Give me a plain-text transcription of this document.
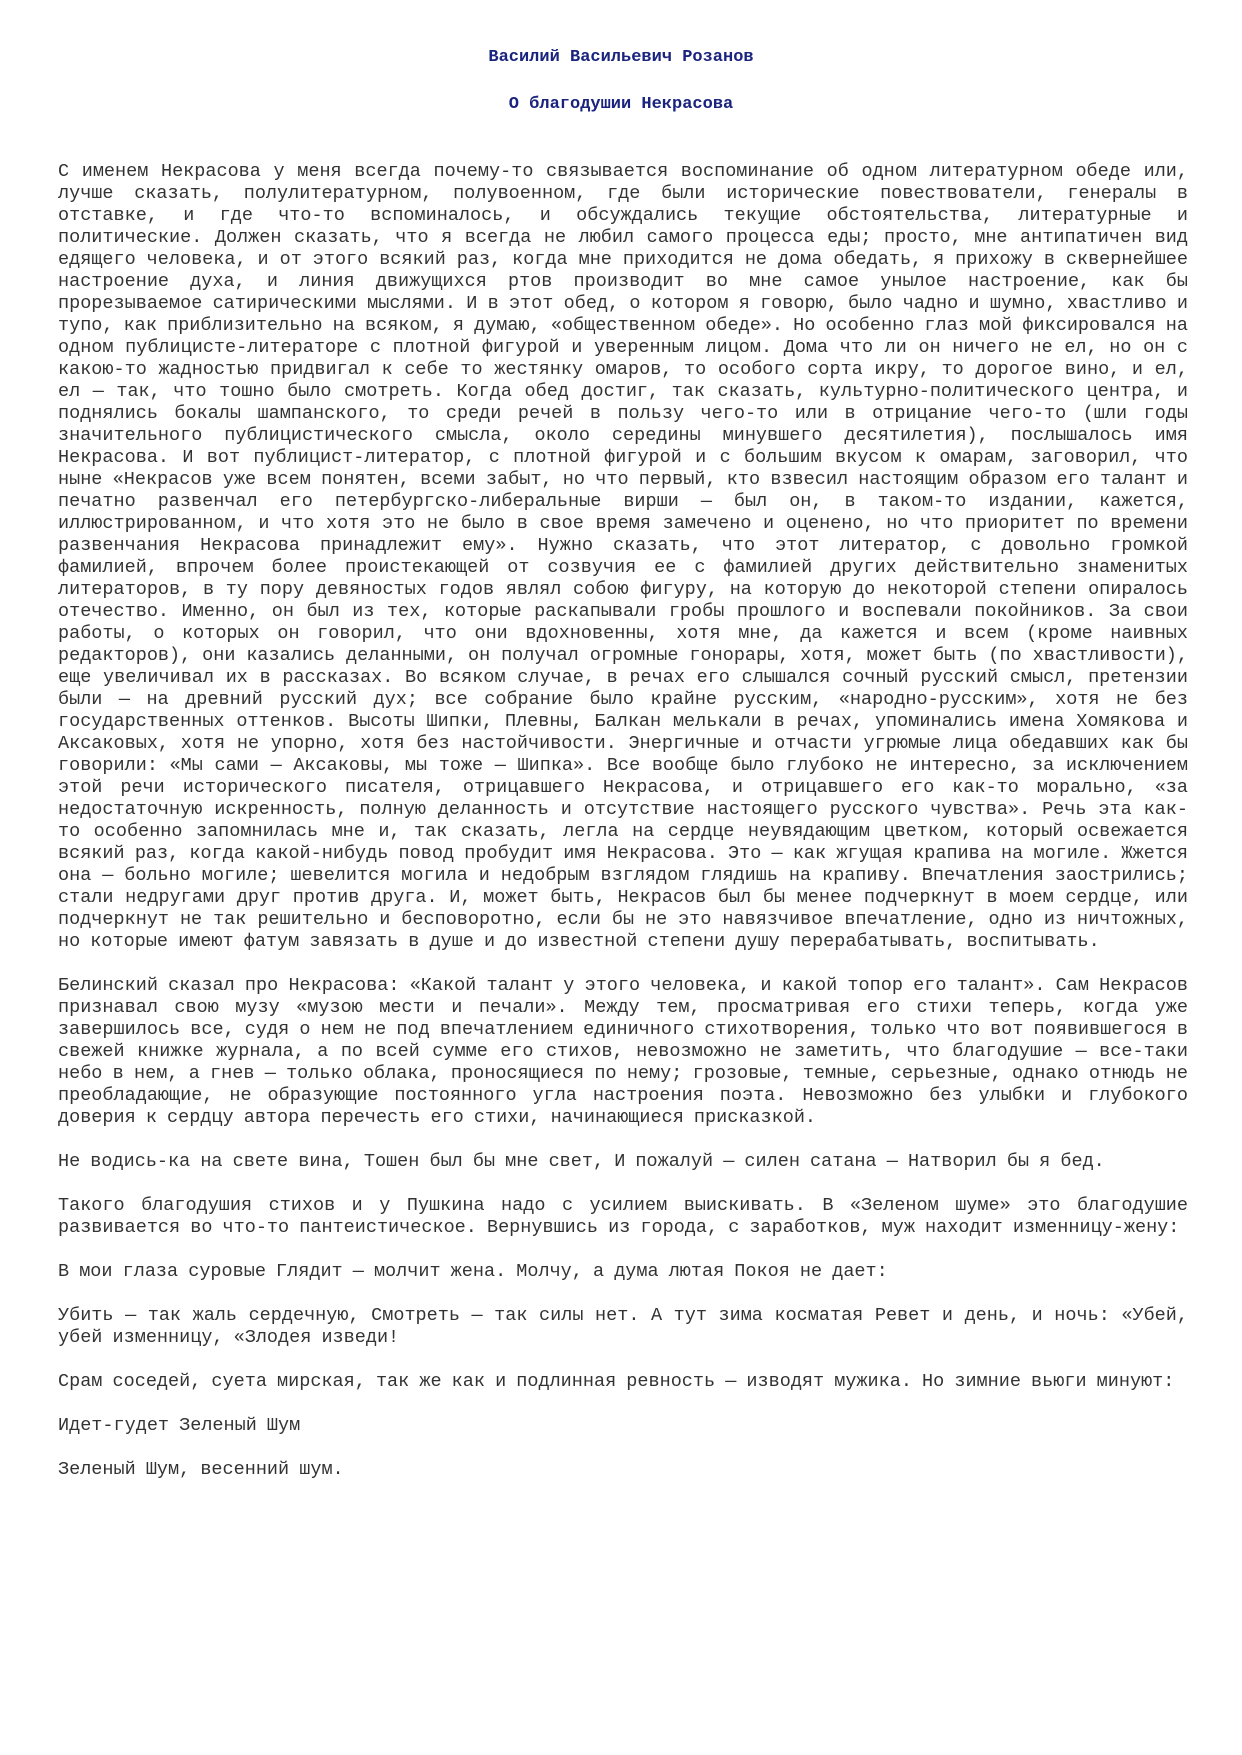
Василий Васильевич Розанов
О благодушии Некрасова

С именем Некрасова у меня всегда почему-то связывается воспоминание об одном литературном обеде или, лучше сказать, полулитературном, полувоенном, где были исторические повествователи, генералы в отставке, и где что-то вспоминалось, и обсуждались текущие обстоятельства, литературные и политические. Должен сказать, что я всегда не любил самого процесса еды; просто, мне антипатичен вид едящего человека, и от этого всякий раз, когда мне приходится не дома обедать, я прихожу в сквернейшее настроение духа, и линия движущихся ртов производит во мне самое унылое настроение, как бы прорезываемое сатирическими мыслями. И в этот обед, о котором я говорю, было чадно и шумно, хвастливо и тупо, как приблизительно на всяком, я думаю, «общественном обеде». Но особенно глаз мой фиксировался на одном публицисте-литераторе с плотной фигурой и уверенным лицом. Дома что ли он ничего не ел, но он с какою-то жадностью придвигал к себе то жестянку омаров, то особого сорта икру, то дорогое вино, и ел, ел — так, что тошно было смотреть. Когда обед достиг, так сказать, культурно-политического центра, и поднялись бокалы шампанского, то среди речей в пользу чего-то или в отрицание чего-то (шли годы значительного публицистического смысла, около середины минувшего десятилетия), послышалось имя Некрасова. И вот публицист-литератор, с плотной фигурой и с большим вкусом к омарам, заговорил, что ныне «Некрасов уже всем понятен, всеми забыт, но что первый, кто взвесил настоящим образом его талант и печатно развенчал его петербургско-либеральные вирши — был он, в таком-то издании, кажется, иллюстрированном, и что хотя это не было в свое время замечено и оценено, но что приоритет по времени развенчания Некрасова принадлежит ему». Нужно сказать, что этот литератор, с довольно громкой фамилией, впрочем более проистекающей от созвучия ее с фамилией других действительно знаменитых литераторов, в ту пору девяностых годов являл собою фигуру, на которую до некоторой степени опиралось отечество. Именно, он был из тех, которые раскапывали гробы прошлого и воспевали покойников. За свои работы, о которых он говорил, что они вдохновенны, хотя мне, да кажется и всем (кроме наивных редакторов), они казались деланными, он получал огромные гонорары, хотя, может быть (по хвастливости), еще увеличивал их в рассказах. Во всяком случае, в речах его слышался сочный русский смысл, претензии были — на древний русский дух; все собрание было крайне русским, «народно-русским», хотя не без государственных оттенков. Высоты Шипки, Плевны, Балкан мелькали в речах, упоминались имена Хомякова и Аксаковых, хотя не упорно, хотя без настойчивости. Энергичные и отчасти угрюмые лица обедавших как бы говорили: «Мы сами — Аксаковы, мы тоже — Шипка». Все вообще было глубоко не интересно, за исключением этой речи исторического писателя, отрицавшего Некрасова, и отрицавшего его как-то морально, «за недостаточную искренность, полную деланность и отсутствие настоящего русского чувства». Речь эта как-то особенно запомнилась мне и, так сказать, легла на сердце неувядающим цветком, который освежается всякий раз, когда какой-нибудь повод пробудит имя Некрасова. Это — как жгущая крапива на могиле. Жжется она — больно могиле; шевелится могила и недобрым взглядом глядишь на крапиву. Впечатления заострились; стали недругами друг против друга. И, может быть, Некрасов был бы менее подчеркнут в моем сердце, или подчеркнут не так решительно и бесповоротно, если бы не это навязчивое впечатление, одно из ничтожных, но которые имеют фатум завязать в душе и до известной степени душу перерабатывать, воспитывать.

Белинский сказал про Некрасова: «Какой талант у этого человека, и какой топор его талант». Сам Некрасов признавал свою музу «музою мести и печали». Между тем, просматривая его стихи теперь, когда уже завершилось все, судя о нем не под впечатлением единичного стихотворения, только что вот появившегося в свежей книжке журнала, а по всей сумме его стихов, невозможно не заметить, что благодушие — все-таки небо в нем, а гнев — только облака, проносящиеся по нему; грозовые, темные, серьезные, однако отнюдь не преобладающие, не образующие постоянного угла настроения поэта. Невозможно без улыбки и глубокого доверия к сердцу автора перечесть его стихи, начинающиеся присказкой.

Не водись-ка на свете вина, Тошен был бы мне свет, И пожалуй — силен сатана — Натворил бы я бед.

Такого благодушия стихов и у Пушкина надо с усилием выискивать. В «Зеленом шуме» это благодушие развивается во что-то пантеистическое. Вернувшись из города, с заработков, муж находит изменницу-жену:

В мои глаза суровые Глядит — молчит жена. Молчу, а дума лютая Покоя не дает:

Убить — так жаль сердечную, Смотреть — так силы нет. А тут зима косматая Ревет и день, и ночь: «Убей, убей изменницу, «Злодея изведи!

Срам соседей, суета мирская, так же как и подлинная ревность — изводят мужика. Но зимние вьюги минуют:

Идет-гудет Зеленый Шум

Зеленый Шум, весенний шум.
